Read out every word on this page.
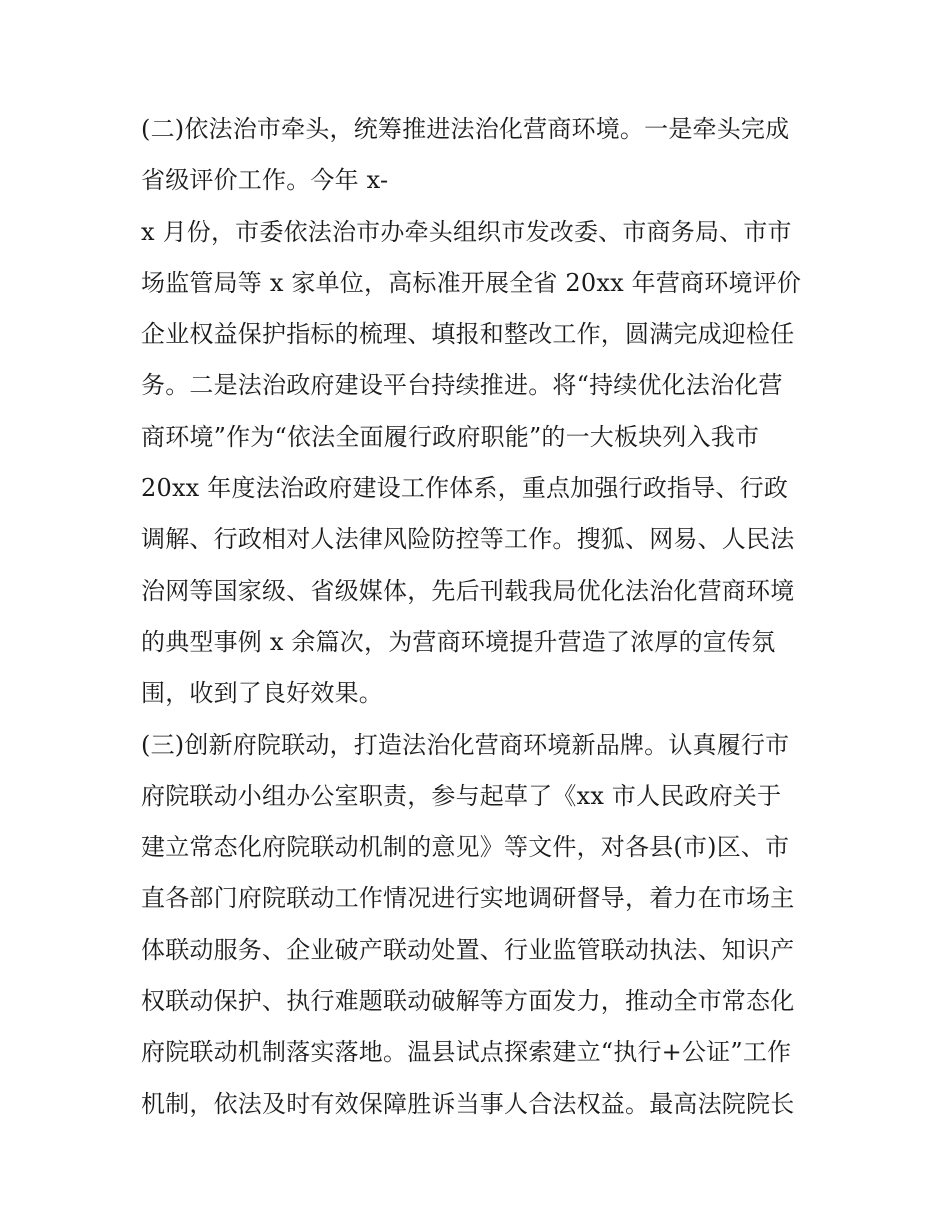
(二)依法治市牵头，统筹推进法治化营商环境。一是牵头完成
省级评价工作。今年 x-
x 月份，市委依法治市办牵头组织市发改委、市商务局、市市
场监管局等 x 家单位，高标准开展全省 20xx 年营商环境评价
企业权益保护指标的梳理、填报和整改工作，圆满完成迎检任
务。二是法治政府建设平台持续推进。将“持续优化法治化营
商环境”作为“依法全面履行政府职能”的一大板块列入我市
20xx 年度法治政府建设工作体系，重点加强行政指导、行政
调解、行政相对人法律风险防控等工作。搜狐、网易、人民法
治网等国家级、省级媒体，先后刊载我局优化法治化营商环境
的典型事例 x 余篇次，为营商环境提升营造了浓厚的宣传氛
围，收到了良好效果。
(三)创新府院联动，打造法治化营商环境新品牌。认真履行市
府院联动小组办公室职责，参与起草了《xx 市人民政府关于
建立常态化府院联动机制的意见》等文件，对各县(市)区、市
直各部门府院联动工作情况进行实地调研督导，着力在市场主
体联动服务、企业破产联动处置、行业监管联动执法、知识产
权联动保护、执行难题联动破解等方面发力，推动全市常态化
府院联动机制落实落地。温县试点探索建立“执行+公证”工作
机制，依法及时有效保障胜诉当事人合法权益。最高法院院长
